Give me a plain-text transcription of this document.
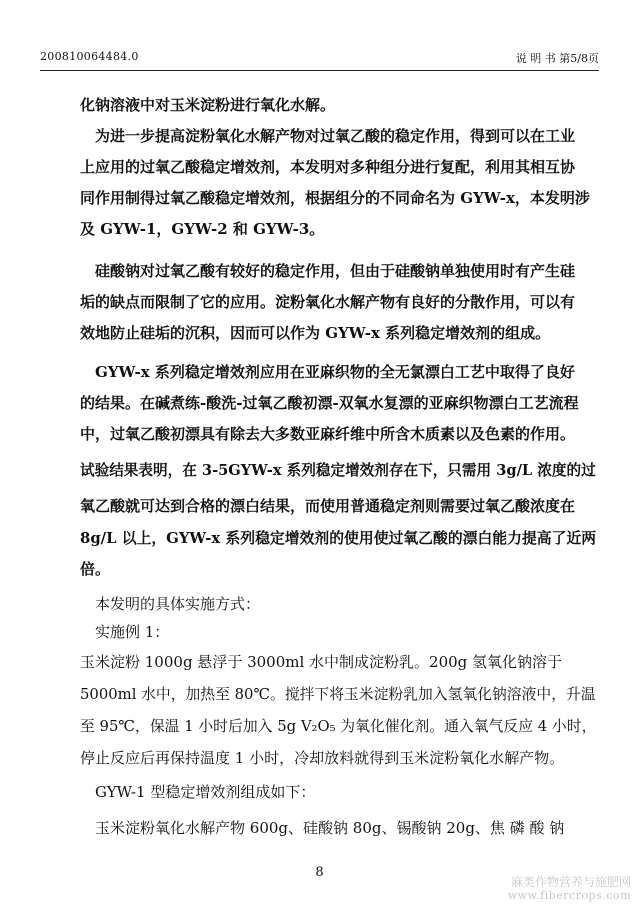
200810064484.0	说 明 书 第5/8页
化钠溶液中对玉米淀粉进行氧化水解。
　为进一步提高淀粉氧化水解产物对过氧乙酸的稳定作用，得到可以在工业
上应用的过氧乙酸稳定增效剂，本发明对多种组分进行复配，利用其相互协
同作用制得过氧乙酸稳定增效剂，根据组分的不同命名为 GYW-x，本发明涉
及 GYW-1，GYW-2 和 GYW-3。
　硅酸钠对过氧乙酸有较好的稳定作用，但由于硅酸钠单独使用时有产生硅
垢的缺点而限制了它的应用。淀粉氧化水解产物有良好的分散作用，可以有
效地防止硅垢的沉积，因而可以作为 GYW-x 系列稳定增效剂的组成。
　GYW-x 系列稳定增效剂应用在亚麻织物的全无氯漂白工艺中取得了良好
的结果。在碱煮练-酸洗-过氧乙酸初漂-双氧水复漂的亚麻织物漂白工艺流程
中，过氧乙酸初漂具有除去大多数亚麻纤维中所含木质素以及色素的作用。
试验结果表明，在 3-5GYW-x 系列稳定增效剂存在下，只需用 3g/L 浓度的过
氧乙酸就可达到合格的漂白结果，而使用普通稳定剂则需要过氧乙酸浓度在
8g/L 以上，GYW-x 系列稳定增效剂的使用使过氧乙酸的漂白能力提高了近两
倍。
　本发明的具体实施方式：
　实施例 1：
玉米淀粉 1000g 悬浮于 3000ml 水中制成淀粉乳。200g 氢氧化钠溶于
5000ml 水中，加热至 80℃。搅拌下将玉米淀粉乳加入氢氧化钠溶液中，升温
至 95℃，保温 1 小时后加入 5g V₂O₅ 为氧化催化剂。通入氧气反应 4 小时，
停止反应后再保持温度 1 小时，冷却放料就得到玉米淀粉氧化水解产物。
　GYW-1 型稳定增效剂组成如下：
　玉米淀粉氧化水解产物 600g、硅酸钠 80g、锡酸钠 20g、焦 磷 酸 钠
8
麻类作物营养与施肥网
www.fibercrops.com
